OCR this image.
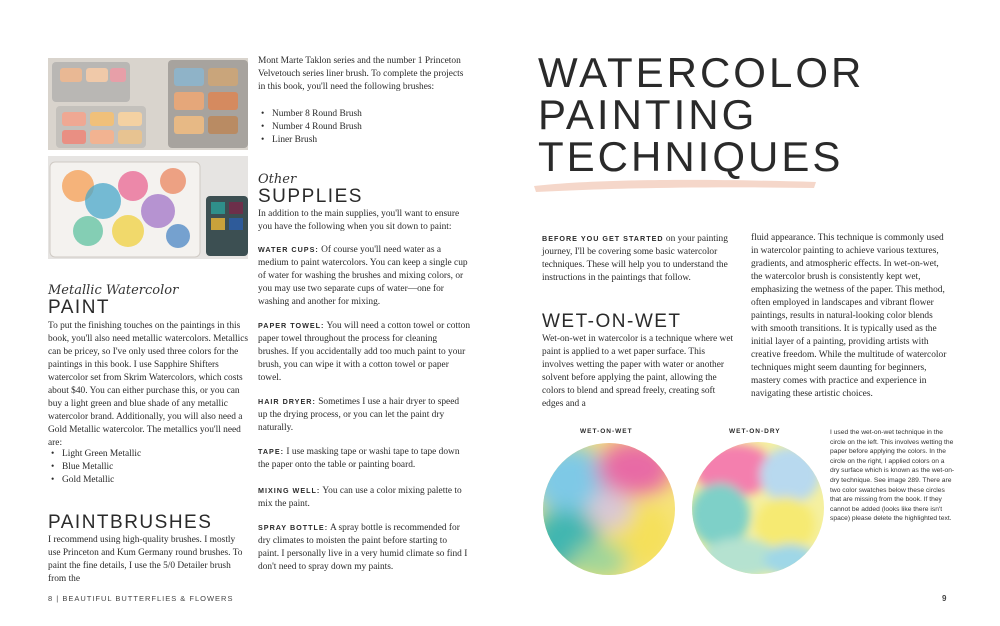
Metallic Watercolor
PAINT
To put the finishing touches on the paintings in this book, you'll also need metallic watercolors. Metallics can be pricey, so I've only used three colors for the paintings in this book. I use Sapphire Shifters watercolor set from Skrim Watercolors, which costs about $40. You can either purchase this, or you can buy a light green and blue shade of any metallic watercolor brand. Additionally, you will also need a Gold Metallic watercolor. The metallics you'll need are:
• Light Green Metallic
• Blue Metallic
• Gold Metallic
PAINTBRUSHES
I recommend using high-quality brushes. I mostly use Princeton and Kum Germany round brushes. To paint the fine details, I use the 5/0 Detailer brush from the
Mont Marte Taklon series and the number 1 Princeton Velvetouch series liner brush. To complete the projects in this book, you'll need the following brushes:
• Number 8 Round Brush
• Number 4 Round Brush
• Liner Brush
Other
SUPPLIES
In addition to the main supplies, you'll want to ensure you have the following when you sit down to paint:
WATER CUPS: Of course you'll need water as a medium to paint watercolors. You can keep a single cup of water for washing the brushes and mixing colors, or you may use two separate cups of water—one for washing and another for mixing.
PAPER TOWEL: You will need a cotton towel or cotton paper towel throughout the process for cleaning brushes. If you accidentally add too much paint to your brush, you can wipe it with a cotton towel or paper towel.
HAIR DRYER: Sometimes I use a hair dryer to speed up the drying process, or you can let the paint dry naturally.
TAPE: I use masking tape or washi tape to tape down the paper onto the table or painting board.
MIXING WELL: You can use a color mixing palette to mix the paint.
SPRAY BOTTLE: A spray bottle is recommended for dry climates to moisten the paint before starting to paint. I personally live in a very humid climate so find I don't need to spray down my paints.
8 | BEAUTIFUL BUTTERFLIES & FLOWERS
WATERCOLOR
PAINTING
TECHNIQUES
BEFORE YOU GET STARTED on your painting journey, I'll be covering some basic watercolor techniques. These will help you to understand the instructions in the paintings that follow.
WET-ON-WET
Wet-on-wet in watercolor is a technique where wet paint is applied to a wet paper surface. This involves wetting the paper with water or another solvent before applying the paint, allowing the colors to blend and spread freely, creating soft edges and a
fluid appearance. This technique is commonly used in watercolor painting to achieve various textures, gradients, and atmospheric effects. In wet-on-wet, the watercolor brush is consistently kept wet, emphasizing the wetness of the paper. This method, often employed in landscapes and vibrant flower paintings, results in natural-looking color blends with smooth transitions. It is typically used as the initial layer of a painting, providing artists with creative freedom. While the multitude of watercolor techniques might seem daunting for beginners, mastery comes with practice and experience in navigating these artistic choices.
WET-ON-WET	WET-ON-DRY	I used the wet-on-wet technique in the circle on the left. This involves wetting the paper before applying the colors. In the circle on the right, I applied colors on a dry surface which is known as the wet-on-dry technique. See image 289. There are two color swatches below these circles that are missing from the book. If they cannot be added (looks like there isn't space) please delete the highlighted text.
9
